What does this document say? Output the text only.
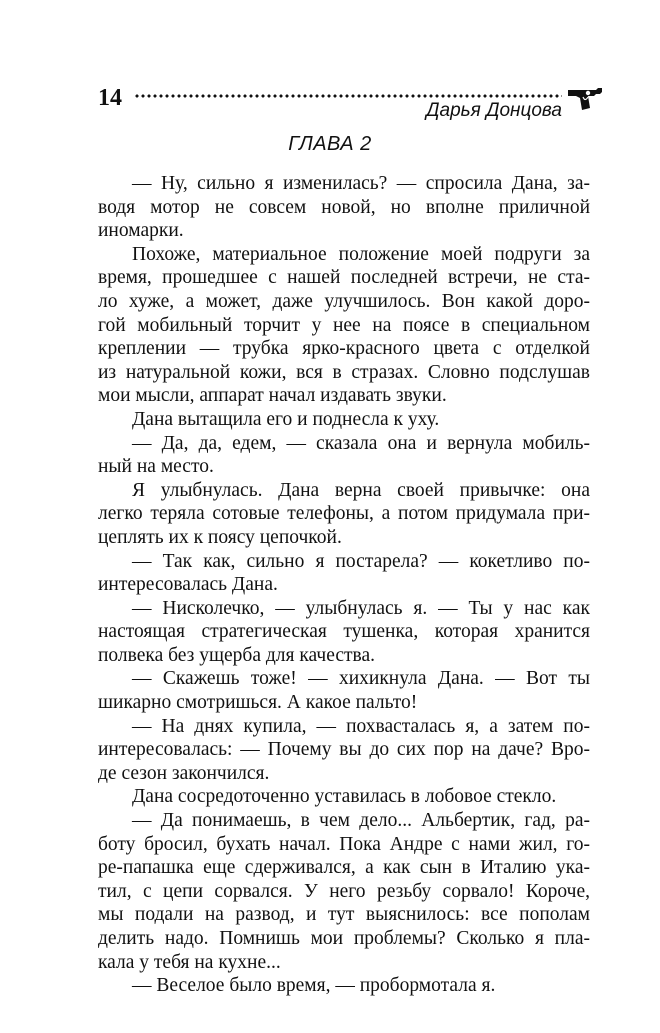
14	Дарья Донцова
ГЛАВА 2
— Ну, сильно я изменилась? — спросила Дана, за-
водя мотор не совсем новой, но вполне приличной
иномарки.
Похоже, материальное положение моей подруги за
время, прошедшее с нашей последней встречи, не ста-
ло хуже, а может, даже улучшилось. Вон какой доро-
гой мобильный торчит у нее на поясе в специальном
креплении — трубка ярко-красного цвета с отделкой
из натуральной кожи, вся в стразах. Словно подслушав
мои мысли, аппарат начал издавать звуки.
Дана вытащила его и поднесла к уху.
— Да, да, едем, — сказала она и вернула мобиль-
ный на место.
Я улыбнулась. Дана верна своей привычке: она
легко теряла сотовые телефоны, а потом придумала при-
цеплять их к поясу цепочкой.
— Так как, сильно я постарела? — кокетливо по-
интересовалась Дана.
— Нисколечко, — улыбнулась я. — Ты у нас как
настоящая стратегическая тушенка, которая хранится
полвека без ущерба для качества.
— Скажешь тоже! — хихикнула Дана. — Вот ты
шикарно смотришься. А какое пальто!
— На днях купила, — похвасталась я, а затем по-
интересовалась: — Почему вы до сих пор на даче? Вро-
де сезон закончился.
Дана сосредоточенно уставилась в лобовое стекло.
— Да понимаешь, в чем дело... Альбертик, гад, ра-
боту бросил, бухать начал. Пока Андре с нами жил, го-
ре-папашка еще сдерживался, а как сын в Италию ука-
тил, с цепи сорвался. У него резьбу сорвало! Короче,
мы подали на развод, и тут выяснилось: все пополам
делить надо. Помнишь мои проблемы? Сколько я пла-
кала у тебя на кухне...
— Веселое было время, — пробормотала я.
